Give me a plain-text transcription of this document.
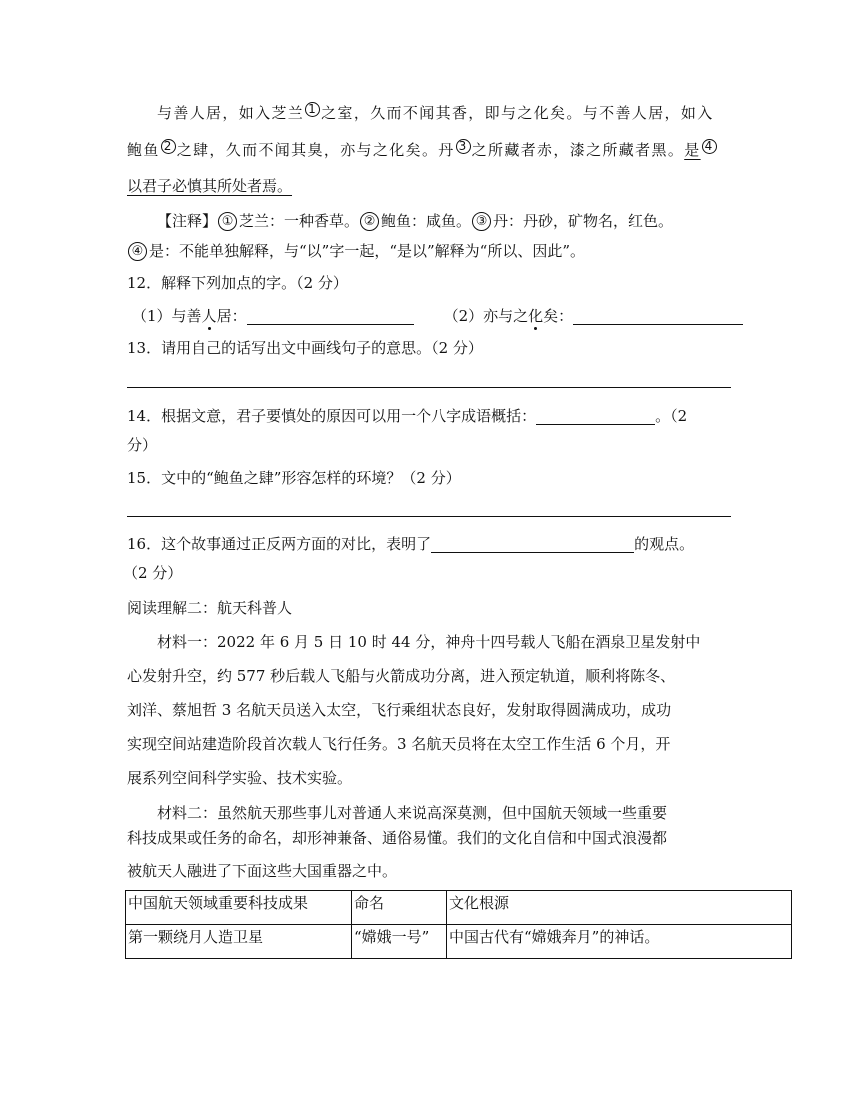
与善人居，如入芝兰 1 之室，久而不闻其香，即与之化矣。与不善人居，如入
鲍鱼 2 之肆，久而不闻其臭，亦与之化矣。丹 3 之所藏者赤，漆之所藏者黑。是 4
以君子必慎其所处者焉。
【注释】 ① 芝兰：一种香草。 ② 鲍鱼：咸鱼。 ③ 丹：丹砂，矿物名，红色。
④ 是：不能单独解释，与“以”字一起，“是以”解释为“所以、因此”。
12．解释下列加点的字。（2 分）
（1）与善人居：	（2）亦与之化矣：
13．请用自己的话写出文中画线句子的意思。（2 分）
14．根据文意，君子要慎处的原因可以用一个八字成语概括：	。（2
分）
15．文中的“鲍鱼之肆”形容怎样的环境？（2 分）
16．这个故事通过正反两方面的对比，表明了	的观点。
（2 分）
阅读理解二：航天科普人
材料一：2022 年 6 月 5 日 10 时 44 分，神舟十四号载人飞船在酒泉卫星发射中
心发射升空，约 577 秒后载人飞船与火箭成功分离，进入预定轨道，顺利将陈冬、
刘洋、蔡旭哲 3 名航天员送入太空，飞行乘组状态良好，发射取得圆满成功，成功
实现空间站建造阶段首次载人飞行任务。3 名航天员将在太空工作生活 6 个月，开
展系列空间科学实验、技术实验。
材料二：虽然航天那些事儿对普通人来说高深莫测，但中国航天领域一些重要
科技成果或任务的命名，却形神兼备、通俗易懂。我们的文化自信和中国式浪漫都
被航天人融进了下面这些大国重器之中。
中国航天领域重要科技成果	命名	文化根源
第一颗绕月人造卫星	“嫦娥一号”	中国古代有“嫦娥奔月”的神话。
